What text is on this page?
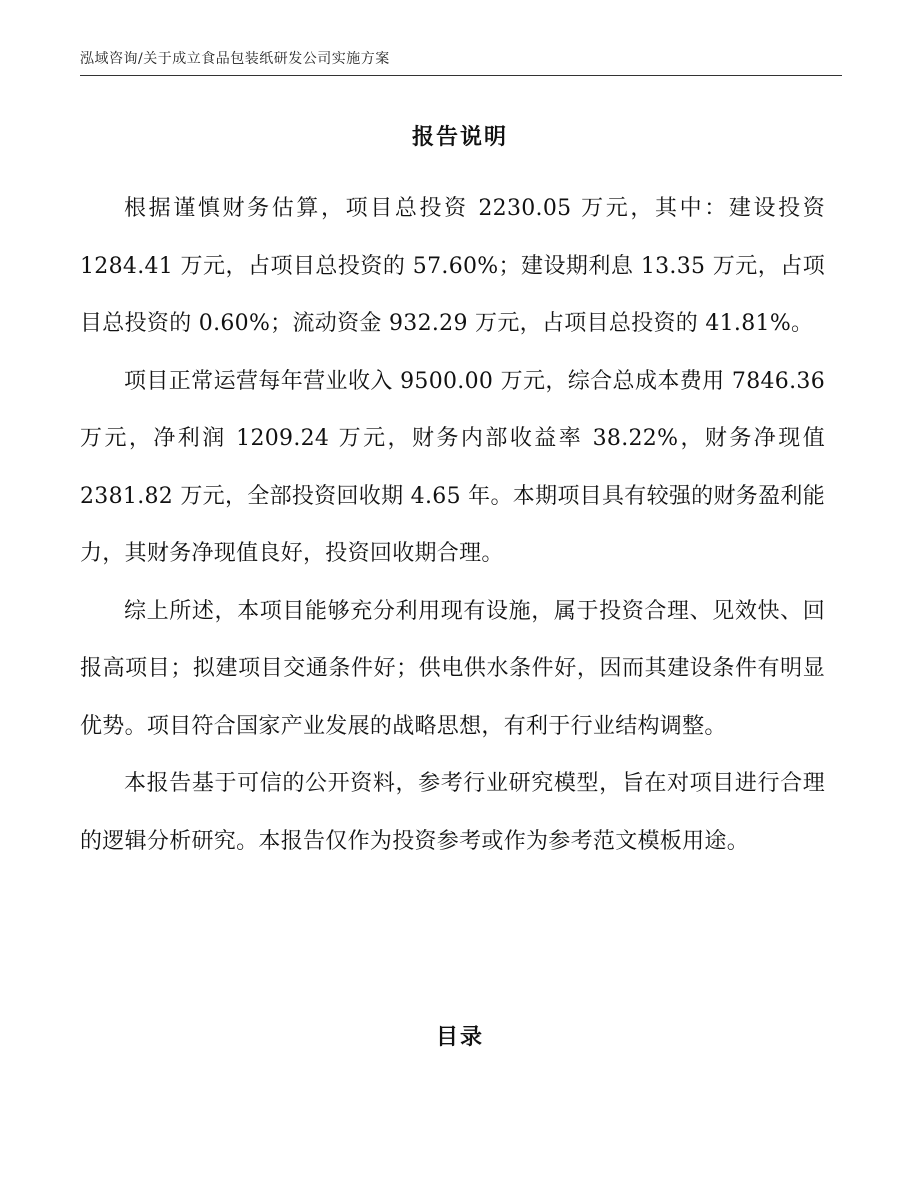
泓域咨询/关于成立食品包装纸研发公司实施方案
报告说明

根据谨慎财务估算，项目总投资 2230.05 万元，其中：建设投资 1284.41 万元，占项目总投资的 57.60%；建设期利息 13.35 万元，占项目总投资的 0.60%；流动资金 932.29 万元，占项目总投资的 41.81%。

项目正常运营每年营业收入 9500.00 万元，综合总成本费用 7846.36 万元，净利润 1209.24 万元，财务内部收益率 38.22%，财务净现值 2381.82 万元，全部投资回收期 4.65 年。本期项目具有较强的财务盈利能力，其财务净现值良好，投资回收期合理。

综上所述，本项目能够充分利用现有设施，属于投资合理、见效快、回报高项目；拟建项目交通条件好；供电供水条件好，因而其建设条件有明显优势。项目符合国家产业发展的战略思想，有利于行业结构调整。

本报告基于可信的公开资料，参考行业研究模型，旨在对项目进行合理的逻辑分析研究。本报告仅作为投资参考或作为参考范文模板用途。

目录
